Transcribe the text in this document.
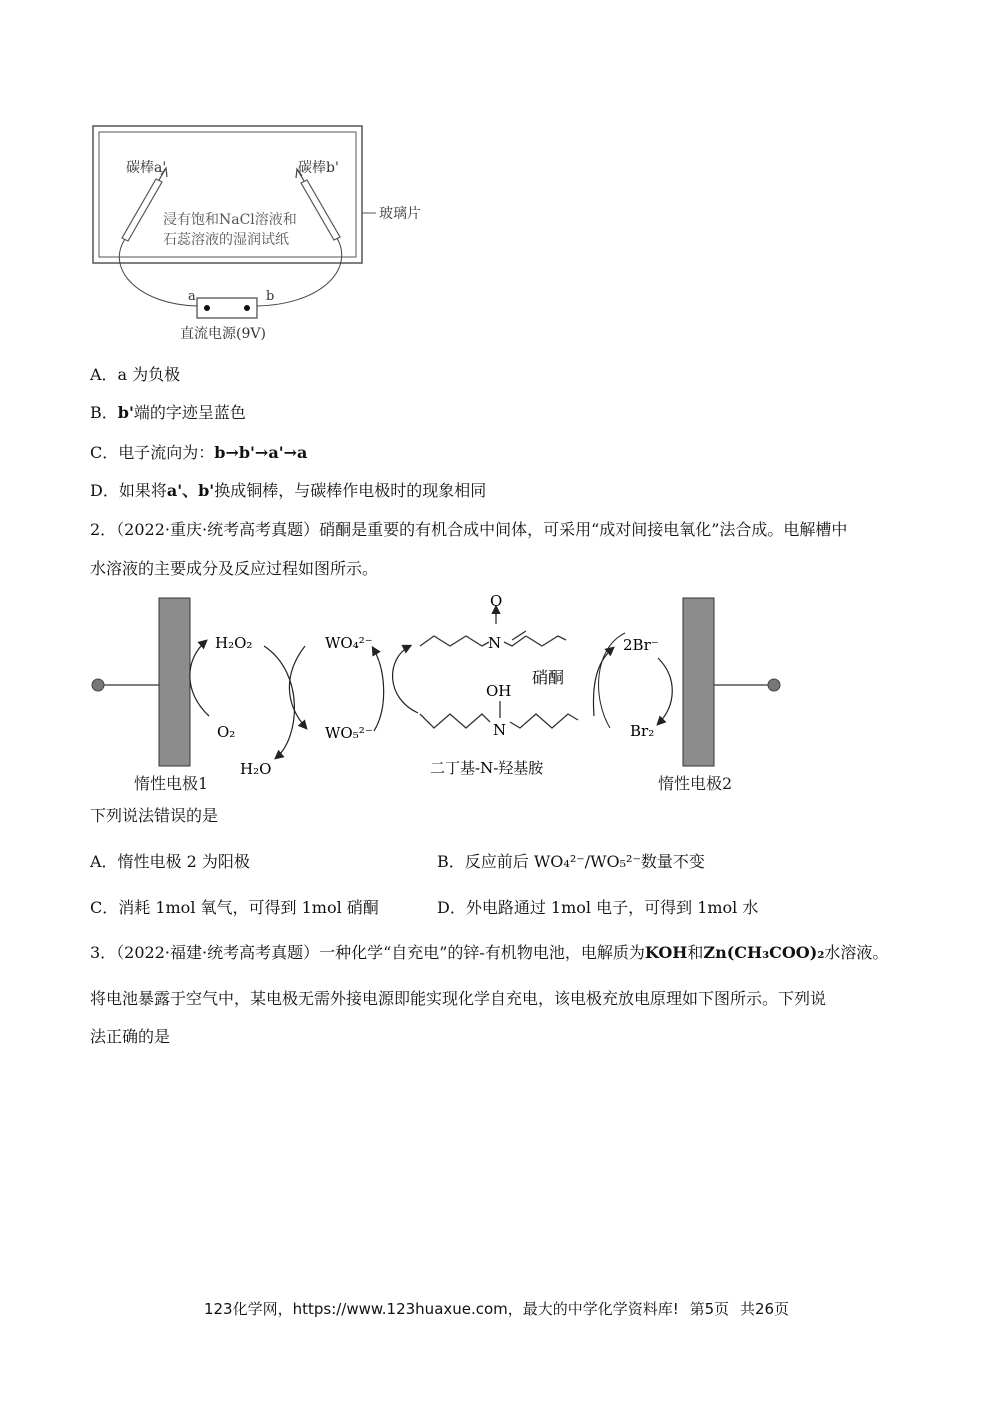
玻璃片
碳棒a'	碳棒b'
浸有饱和NaCl溶液和
石蕊溶液的湿润试纸
a	b
直流电源(9V)
A．a 为负极
B．b'端的字迹呈蓝色
C．电子流向为：b→b'→a'→a
D．如果将a'、b'换成铜棒，与碳棒作电极时的现象相同
2．（2022·重庆·统考高考真题）硝酮是重要的有机合成中间体，可采用“成对间接电氧化”法合成。电解槽中
水溶液的主要成分及反应过程如图所示。
惰性电极1	惰性电极2
H₂O₂
O₂
H₂O
WO₄²⁻
WO₅²⁻
O
N
硝酮
OH
N
二丁基-N-羟基胺
2Br⁻
Br₂
下列说法错误的是
A．惰性电极 2 为阳极	B．反应前后 WO₄²⁻/WO₅²⁻数量不变
C．消耗 1mol 氧气，可得到 1mol 硝酮	D．外电路通过 1mol 电子，可得到 1mol 水
3．（2022·福建·统考高考真题）一种化学“自充电”的锌-有机物电池，电解质为KOH和Zn(CH₃COO)₂水溶液。
将电池暴露于空气中，某电极无需外接电源即能实现化学自充电，该电极充放电原理如下图所示。下列说
法正确的是
123化学网，https://www.123huaxue.com，最大的中学化学资料库! 第5页 共26页
